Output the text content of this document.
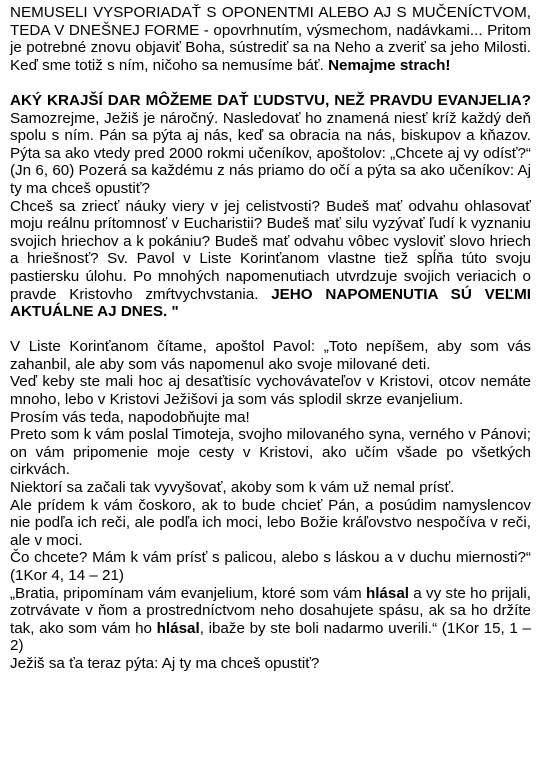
NEMUSELI VYSPORIADAŤ S OPONENTMI ALEBO AJ S MUČENÍCTVOM, TEDA V DNEŠNEJ FORME - opovrhnutím, výsmechom, nadávkami... Pritom je potrebné znovu objaviť Boha, sústrediť sa na Neho a zveriť sa jeho Milosti. Keď sme totiž s ním, ničoho sa nemusíme báť. Nemajme strach!

AKÝ KRAJŠÍ DAR MÔŽEME DAŤ ĽUDSTVU, NEŽ PRAVDU EVANJELIA? Samozrejme, Ježiš je náročný. Nasledovať ho znamená niesť kríž každý deň spolu s ním. Pán sa pýta aj nás, keď sa obracia na nás, biskupov a kňazov. Pýta sa ako vtedy pred 2000 rokmi učeníkov, apoštolov: „Chcete aj vy odísť?“ (Jn 6, 60) Pozerá sa každému z nás priamo do očí a pýta sa ako učeníkov: Aj ty ma chceš opustiť?

Chceš sa zriecť náuky viery v jej celistvosti? Budeš mať odvahu ohlasovať moju reálnu prítomnosť v Eucharistii? Budeš mať silu vyzývať ľudí k vyznaniu svojich hriechov a k pokániu? Budeš mať odvahu vôbec vysloviť slovo hriech a hriešnosť? Sv. Pavol v Liste Korinťanom vlastne tiež spĺňa túto svoju pastiersku úlohu. Po mnohých napomenutiach utvrdzuje svojich veriacich o pravde Kristovho zmŕtvychvstania. JEHO NAPOMENUTIA SÚ VEĽMI AKTUÁLNE AJ DNES. "

V Liste Korinťanom čítame, apoštol Pavol: „Toto nepíšem, aby som vás zahanbil, ale aby som vás napomenul ako svoje milované deti.

Veď keby ste mali hoc aj desaťtisíc vychovávateľov v Kristovi, otcov nemáte mnoho, lebo v Kristovi Ježišovi ja som vás splodil skrze evanjelium.

Prosím vás teda, napodobňujte ma!

Preto som k vám poslal Timoteja, svojho milovaného syna, verného v Pánovi; on vám pripomenie moje cesty v Kristovi, ako učím všade po všetkých cirkvách.

Niektorí sa začali tak vyvyšovať, akoby som k vám už nemal prísť.

Ale prídem k vám čoskoro, ak to bude chcieť Pán, a posúdim namyslencov nie podľa ich reči, ale podľa ich moci, lebo Božie kráľovstvo nespočíva v reči, ale v moci.

Čo chcete? Mám k vám prísť s palicou, alebo s láskou a v duchu miernosti?“ (1Kor 4, 14 – 21)

„Bratia, pripomínam vám evanjelium, ktoré som vám hlásal a vy ste ho prijali, zotrvávate v ňom a prostredníctvom neho dosahujete spásu, ak sa ho držíte tak, ako som vám ho hlásal, ibaže by ste boli nadarmo uverili.“ (1Kor 15, 1 – 2)

Ježiš sa ťa teraz pýta: Aj ty ma chceš opustiť?
